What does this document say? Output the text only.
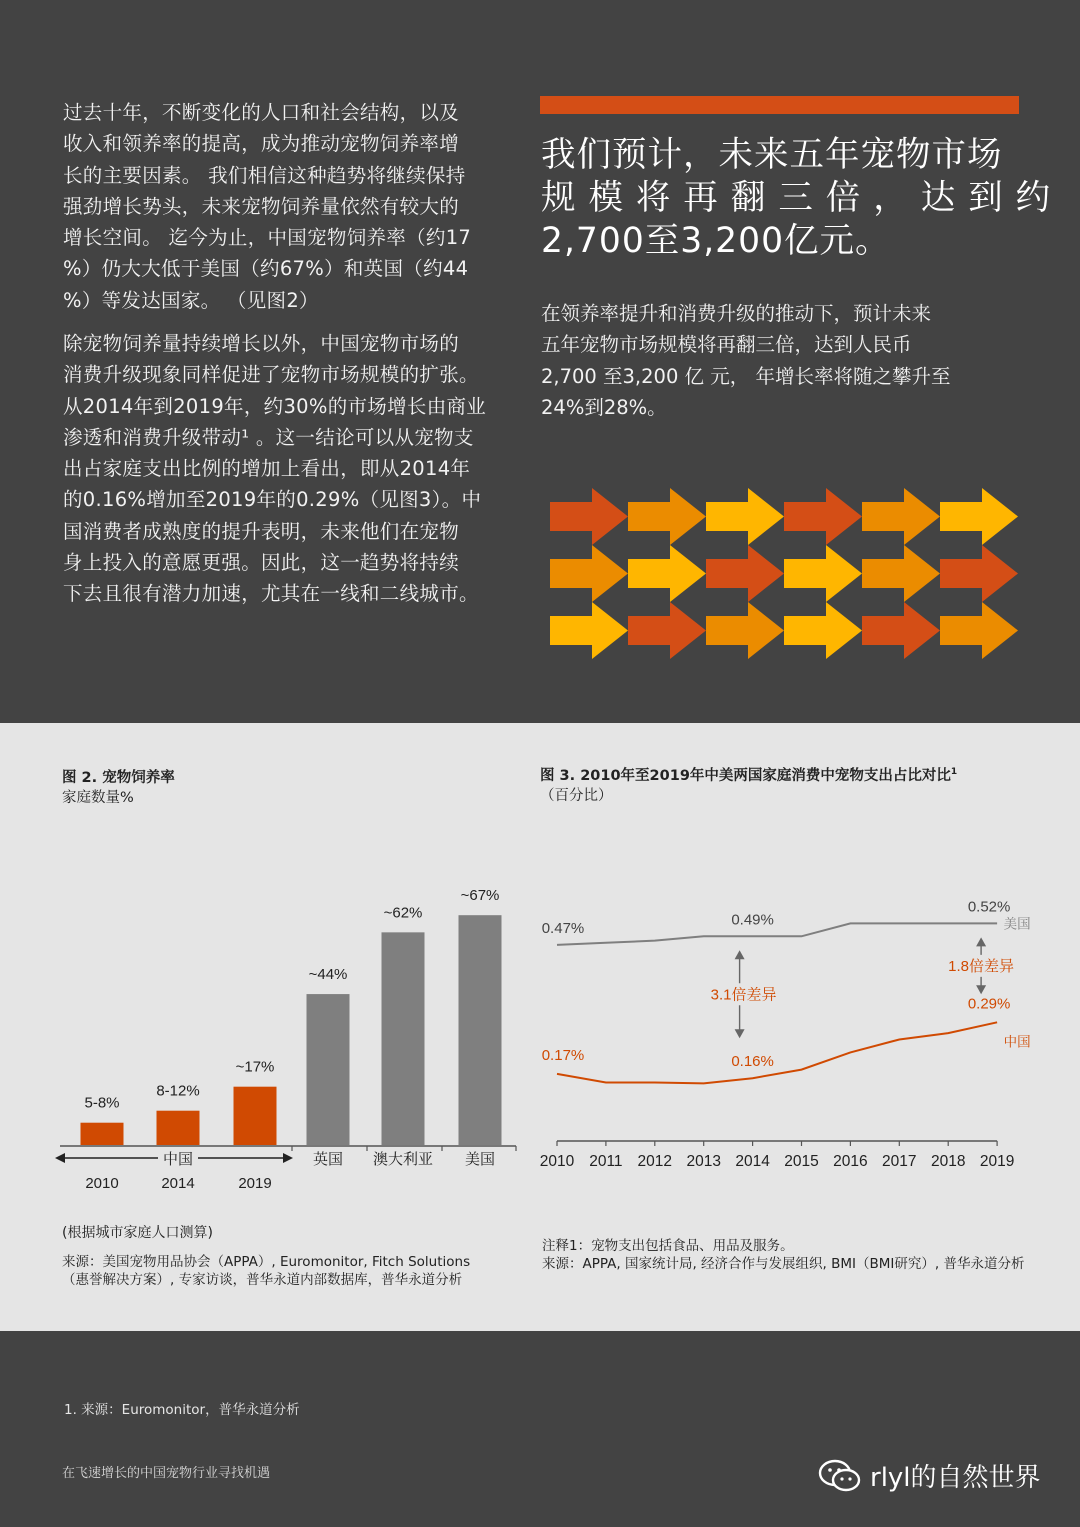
过去十年，不断变化的人口和社会结构，以及
收入和领养率的提高，成为推动宠物饲养率增
长的主要因素。 我们相信这种趋势将继续保持
强劲增长势头，未来宠物饲养量依然有较大的
增长空间。 迄今为止，中国宠物饲养率（约17
%）仍大大低于美国（约67%）和英国（约44
%）等发达国家。 （见图2）
除宠物饲养量持续增长以外，中国宠物市场的
消费升级现象同样促进了宠物市场规模的扩张。
从2014年到2019年，约30%的市场增长由商业
渗透和消费升级带动¹ 。这一结论可以从宠物支
出占家庭支出比例的增加上看出，即从2014年
的0.16%增加至2019年的0.29%（见图3）。中
国消费者成熟度的提升表明，未来他们在宠物
身上投入的意愿更强。因此，这一趋势将持续
下去且很有潜力加速，尤其在一线和二线城市。
我们预计，未来五年宠物市场
规 模 将 再 翻 三 倍 ， 达 到 约
2,700至3,200亿元。
在领养率提升和消费升级的推动下，预计未来
五年宠物市场规模将再翻三倍，达到人民币
2,700 至3,200 亿 元， 年增长率将随之攀升至
24%到28%。
图 2. 宠物饲养率
家庭数量%
5-8%
8-12%
~17%
~44%
~62%
~67%
中国
2010	2014	2019
英国 澳大利亚 美国
(根据城市家庭人口测算)
来源：美国宠物用品协会（APPA）, Euromonitor, Fitch Solutions
（惠誉解决方案）, 专家访谈，普华永道内部数据库，普华永道分析
图 3. 2010年至2019年中美两国家庭消费中宠物支出占比对比$^1$
（百分比）
2010 2011 2012 2013 2014 2015 2016 2017 2018 2019
美国
中国
0.47%
0.49%
0.52%
0.17%	0.16%
0.29%
3.1倍差异
1.8倍差异
注释1：宠物支出包括食品、用品及服务。
来源：APPA, 国家统计局, 经济合作与发展组织, BMI（BMI研究）, 普华永道分析
1. 来源：Euromonitor，普华永道分析
在飞速增长的中国宠物行业寻找机遇	rlyl的自然世界
